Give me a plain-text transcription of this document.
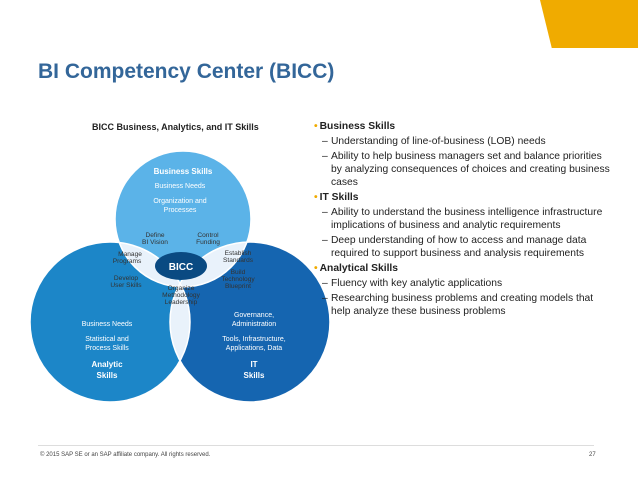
BI Competency Center (BICC)
BICC Business, Analytics, and IT Skills
Business Skills
Business Needs
Organization and
Processes
Define
BI Vision
Control
Funding
Manage
Programs
Establish
Standards
Develop
User Skills
Build
Technology
Blueprint
Organize
Methodology
Leadership
BICC
Business Needs
Statistical and
Process Skills
Analytic
Skills
Governance,
Administration
Tools, Infrastructure,
Applications, Data
IT
Skills
• Business Skills
– Understanding of line-of-business (LOB) needs
– Ability to help business managers set and balance priorities by analyzing consequences of choices and creating business cases
• IT Skills
– Ability to understand the business intelligence infrastructure implications of business and analytic requirements
– Deep understanding of how to access and manage data required to support business and analysis requirements
• Analytical Skills
– Fluency with key analytic applications
– Researching business problems and creating models that help analyze these business problems
© 2015 SAP SE or an SAP affiliate company. All rights reserved.	27
